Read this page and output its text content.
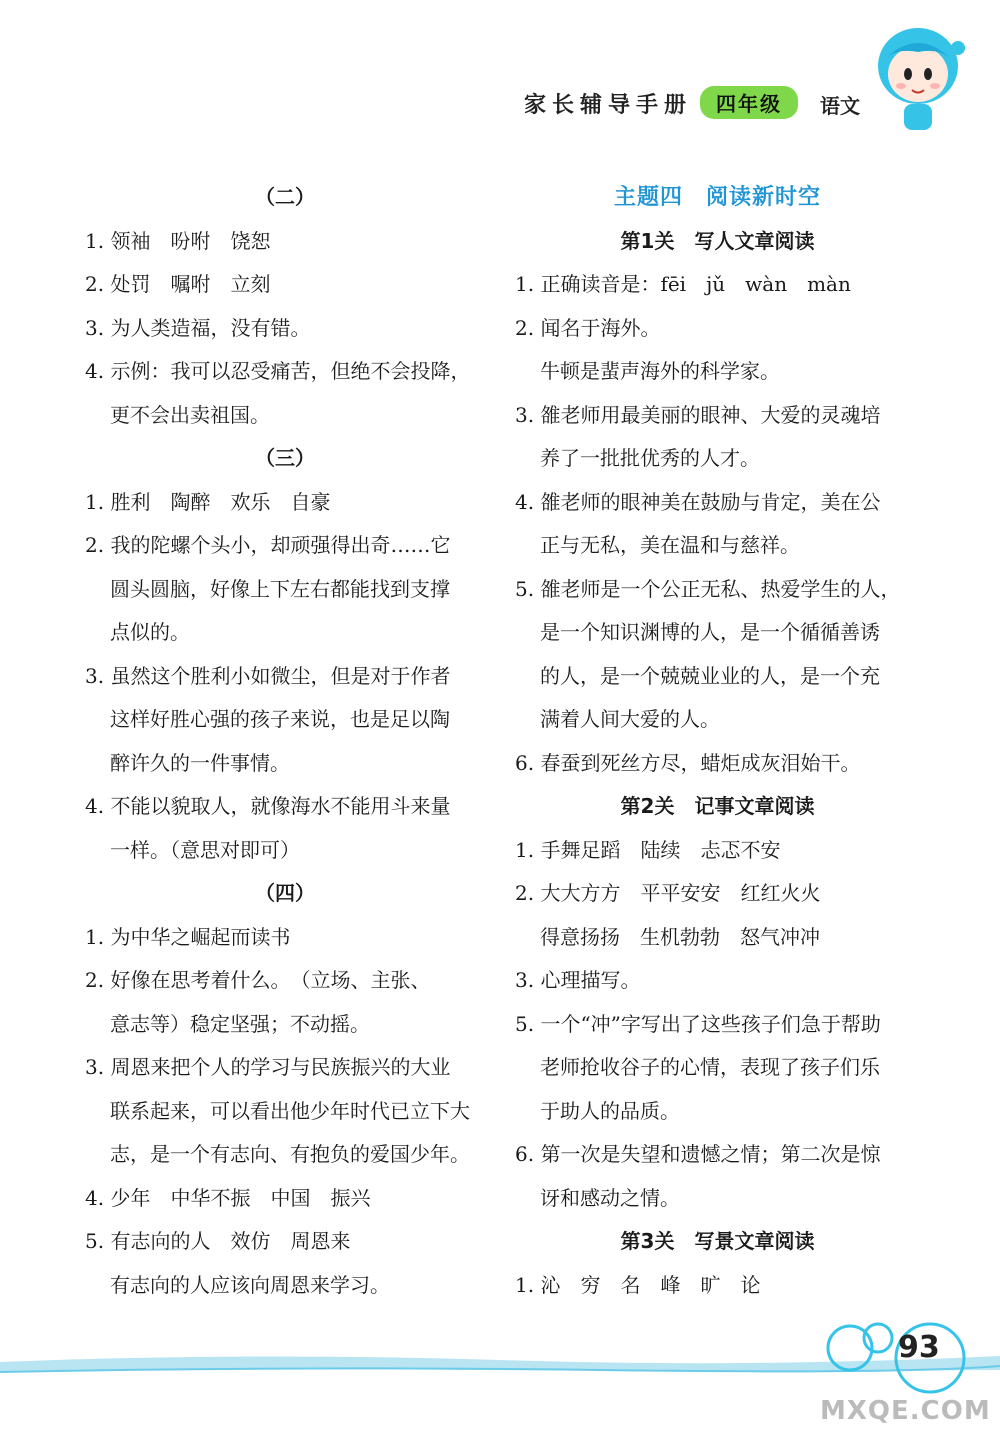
家长辅导手册	四年级	语文
（二）
1. 领袖　吩咐　饶恕
2. 处罚　嘱咐　立刻
3. 为人类造福，没有错。
4. 示例：我可以忍受痛苦，但绝不会投降，
更不会出卖祖国。
（三）
1. 胜利　陶醉　欢乐　自豪
2. 我的陀螺个头小，却顽强得出奇……它
圆头圆脑，好像上下左右都能找到支撑
点似的。
3. 虽然这个胜利小如微尘，但是对于作者
这样好胜心强的孩子来说，也是足以陶
醉许久的一件事情。
4. 不能以貌取人，就像海水不能用斗来量
一样。（意思对即可）
（四）
1. 为中华之崛起而读书
2. 好像在思考着什么。　（立场、主张、
意志等）稳定坚强；不动摇。
3. 周恩来把个人的学习与民族振兴的大业
联系起来，可以看出他少年时代已立下大
志，是一个有志向、有抱负的爱国少年。
4. 少年　中华不振　中国　振兴
5. 有志向的人　效仿　周恩来
有志向的人应该向周恩来学习。
主题四　阅读新时空
第1关　写人文章阅读
1. 正确读音是：fēi　jǔ　wàn　màn
2. 闻名于海外。
牛顿是蜚声海外的科学家。
3. 雒老师用最美丽的眼神、大爱的灵魂培
养了一批批优秀的人才。
4. 雒老师的眼神美在鼓励与肯定，美在公
正与无私，美在温和与慈祥。
5. 雒老师是一个公正无私、热爱学生的人，
是一个知识渊博的人，是一个循循善诱
的人，是一个兢兢业业的人，是一个充
满着人间大爱的人。
6. 春蚕到死丝方尽，蜡炬成灰泪始干。
第2关　记事文章阅读
1. 手舞足蹈　陆续　忐忑不安
2. 大大方方　平平安安　红红火火
得意扬扬　生机勃勃　怒气冲冲
3. 心理描写。
5. 一个“冲”字写出了这些孩子们急于帮助
老师抢收谷子的心情，表现了孩子们乐
于助人的品质。
6. 第一次是失望和遗憾之情；第二次是惊
讶和感动之情。
第3关　写景文章阅读
1. 沁　穷　名　峰　旷　论
93
MXQE.COM
